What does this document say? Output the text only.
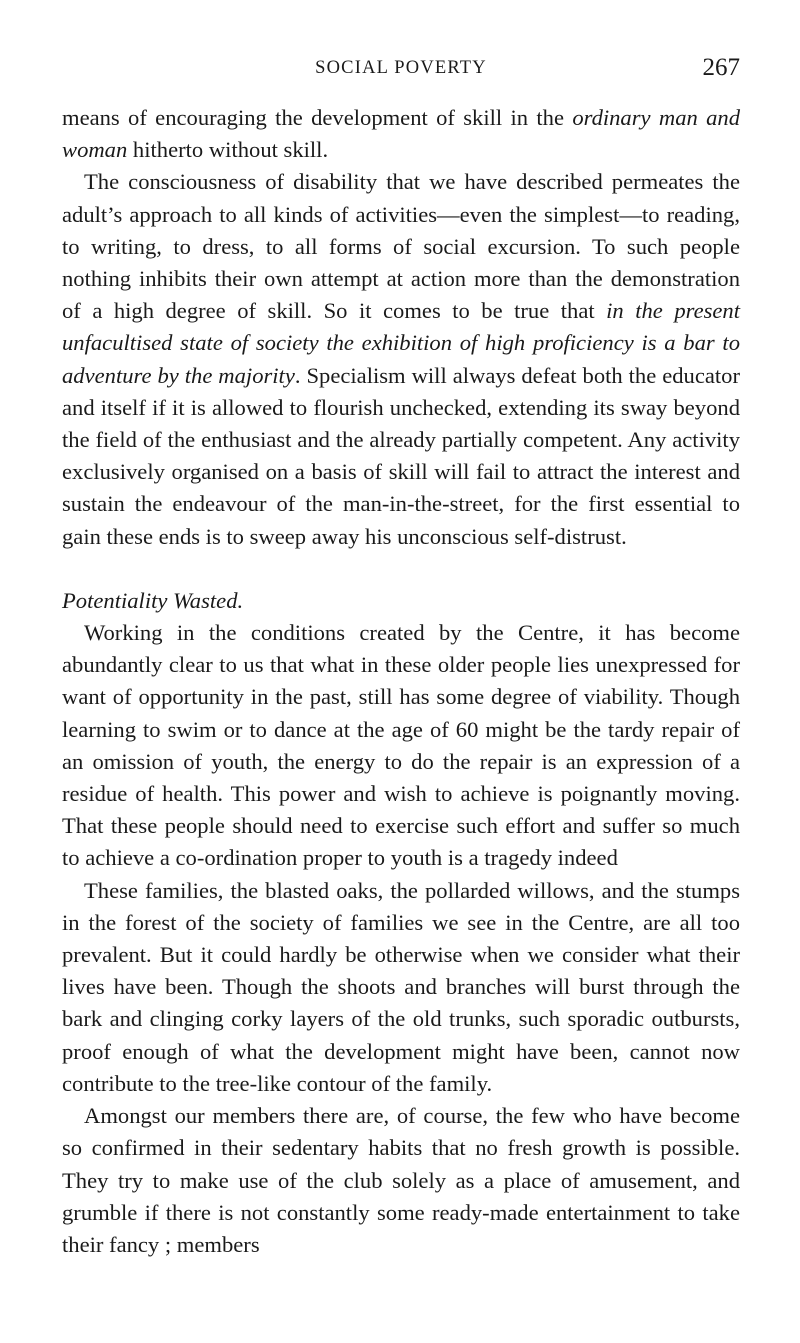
SOCIAL POVERTY	267

means of encouraging the development of skill in the ordinary man and woman hitherto without skill.

The consciousness of disability that we have described permeates the adult’s approach to all kinds of activities—even the simplest—to reading, to writing, to dress, to all forms of social excursion. To such people nothing inhibits their own attempt at action more than the demonstration of a high degree of skill. So it comes to be true that in the present unfacultised state of society the exhibition of high proficiency is a bar to adventure by the majority. Specialism will always defeat both the educator and itself if it is allowed to flourish unchecked, extending its sway beyond the field of the enthusiast and the already partially competent. Any activity exclusively organised on a basis of skill will fail to attract the interest and sustain the endeavour of the man-in-the-street, for the first essential to gain these ends is to sweep away his unconscious self-distrust.

Potentiality Wasted.

Working in the conditions created by the Centre, it has become abundantly clear to us that what in these older people lies unexpressed for want of opportunity in the past, still has some degree of viability. Though learning to swim or to dance at the age of 60 might be the tardy repair of an omission of youth, the energy to do the repair is an expression of a residue of health. This power and wish to achieve is poignantly moving. That these people should need to exercise such effort and suffer so much to achieve a co-ordination proper to youth is a tragedy indeed

These families, the blasted oaks, the pollarded willows, and the stumps in the forest of the society of families we see in the Centre, are all too prevalent. But it could hardly be otherwise when we consider what their lives have been. Though the shoots and branches will burst through the bark and clinging corky layers of the old trunks, such sporadic outbursts, proof enough of what the development might have been, cannot now contribute to the tree-like contour of the family.

Amongst our members there are, of course, the few who have become so confirmed in their sedentary habits that no fresh growth is possible. They try to make use of the club solely as a place of amusement, and grumble if there is not constantly some ready-made entertainment to take their fancy ; members
